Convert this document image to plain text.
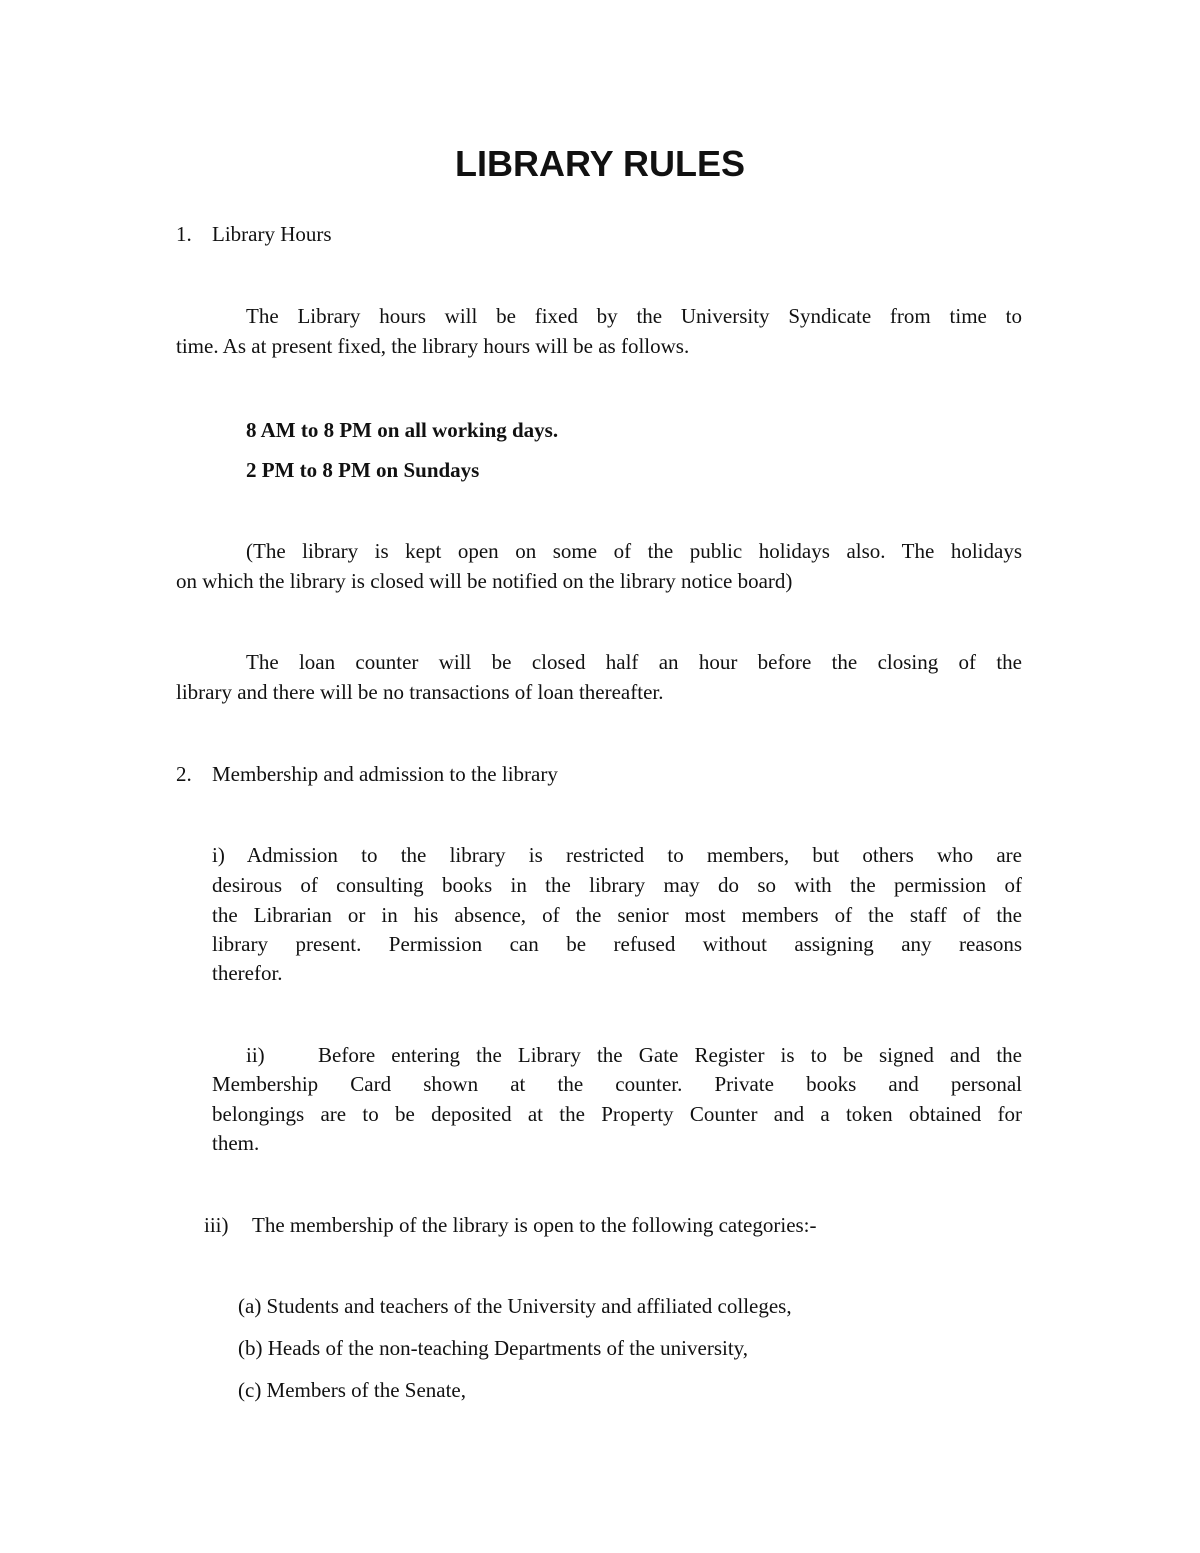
LIBRARY RULES
1. Library Hours
The Library hours will be fixed by the University Syndicate from time to
time. As at present fixed, the library hours will be as follows.
8 AM to 8 PM on all working days.
2 PM to 8 PM on Sundays
(The library is kept open on some of the public holidays also. The holidays
on which the library is closed will be notified on the library notice board)
The loan counter will be closed half an hour before the closing of the
library and there will be no transactions of loan thereafter.
2. Membership and admission to the library
i) Admission to the library is restricted to members, but others who are
desirous of consulting books in the library may do so with the permission of
the Librarian or in his absence, of the senior most members of the staff of the
library present. Permission can be refused without assigning any reasons
therefor.
ii)	Before entering the Library the Gate Register is to be signed and the
Membership Card shown at the counter. Private books and personal
belongings are to be deposited at the Property Counter and a token obtained for
them.
iii) The membership of the library is open to the following categories:-
(a) Students and teachers of the University and affiliated colleges,
(b) Heads of the non-teaching Departments of the university,
(c) Members of the Senate,
